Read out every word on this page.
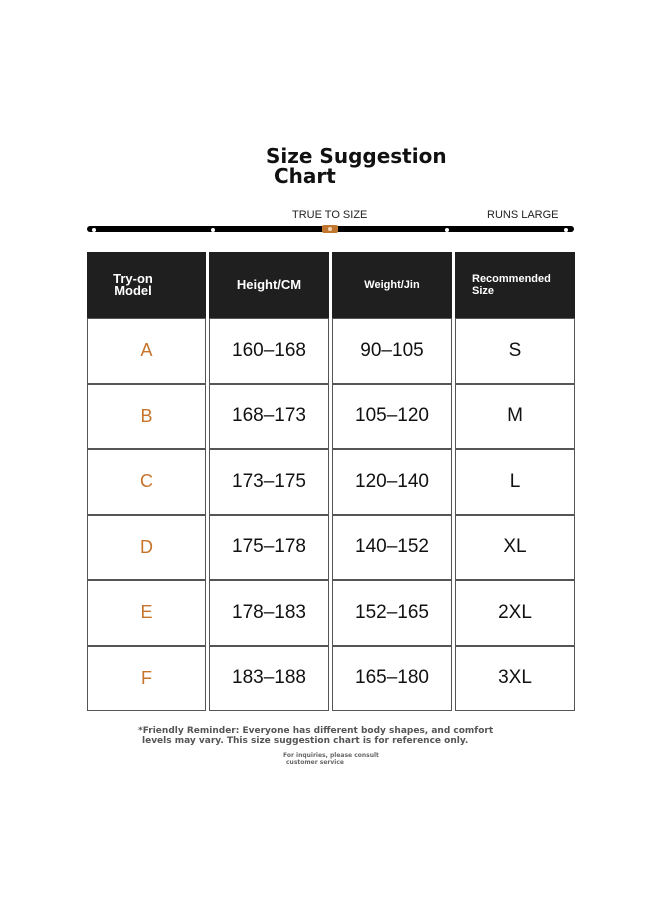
Size Suggestion
Chart
TRUE TO SIZE	RUNS LARGE
Try-on Model	Height/CM	Weight/Jin	Recommended Size
A	160–168	90–105	S
B	168–173	105–120	M
C	173–175	120–140	L
D	175–178	140–152	XL
E	178–183	152–165	2XL
F	183–188	165–180	3XL
*Friendly Reminder: Everyone has different body shapes, and comfort
levels may vary. This size suggestion chart is for reference only.
For inquiries, please consult
customer service
